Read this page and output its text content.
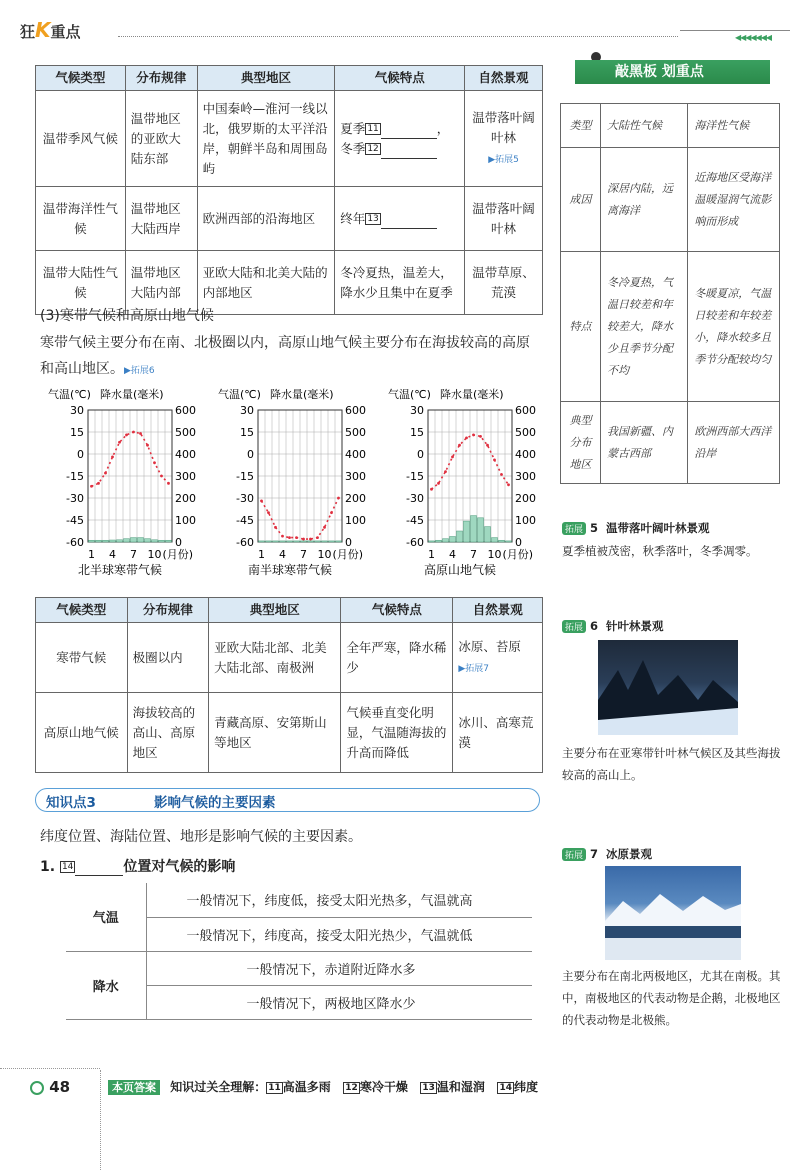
狂K重点	◀◀◀◀◀◀◀
气候类型	分布规律	典型地区	气候特点	自然景观
温带季风气候	温带地区的亚欧大陆东部	中国秦岭—淮河一线以北，俄罗斯的太平洋沿岸，朝鲜半岛和周围岛屿	夏季 11 ，冬季 12	温带落叶阔叶林
▶拓展5

温带海洋性气候	温带地区大陆西岸	欧洲西部的沿海地区	终年 13	温带落叶阔叶林
温带大陆性气候	温带地区大陆内部	亚欧大陆和北美大陆的内部地区	冬冷夏热，温差大，降水少且集中在夏季	温带草原、荒漠
(3)寒带气候和高原山地气候
寒带气候主要分布在南、北极圈以内，高原山地气候主要分布在海拔较高的高原和高山地区。▶拓展6
气温(℃) 降水量(毫米)
30
15
0
-15
-30
-45
-60
600
500
400
300
200
100
0
1 4 7 10 (月份)
北半球寒带气候
气温(℃) 降水量(毫米)
30
15
0
-15
-30
-45
-60
600
500
400
300
200
100
0
1 4 7 10 (月份)
南半球寒带气候
气温(℃) 降水量(毫米)
30
15
0
-15
-30
-45
-60
600
500
400
300
200
100
0
1 4 7 10 (月份)
高原山地气候
气候类型	分布规律	典型地区	气候特点	自然景观
寒带气候	极圈以内	亚欧大陆北部、北美大陆北部、南极洲	全年严寒，降水稀少	冰原、苔原
▶拓展7

高原山地气候	海拔较高的高山、高原地区	青藏高原、安第斯山等地区	气候垂直变化明显，气温随海拔的升高而降低	冰川、高寒荒漠
知识点3	影响气候的主要因素
纬度位置、海陆位置、地形是影响气候的主要因素。
1. 14	位置对气候的影响
气温	一般情况下，纬度低，接受太阳光热多，气温就高
	一般情况下，纬度高，接受太阳光热少，气温就低
降水	一般情况下，赤道附近降水多
	一般情况下，两极地区降水少
敲黑板 划重点
类型	大陆性气候	海洋性气候
成因	深居内陆，远离海洋	近海地区受海洋温暖湿润气流影响而形成
特点	冬冷夏热，气温日较差和年较差大，降水少且季节分配不均	冬暖夏凉，气温日较差和年较差小，降水较多且季节分配较均匀
典型分布地区	我国新疆、内蒙古西部	欧洲西部大西洋沿岸
拓展 5 温带落叶阔叶林景观
夏季植被茂密，秋季落叶，冬季凋零。
拓展 6 针叶林景观
主要分布在亚寒带针叶林气候区及其些海拔较高的高山上。
拓展 7 冰原景观
主要分布在南北两极地区，尤其在南极。其中，南极地区的代表动物是企鹅，北极地区的代表动物是北极熊。
48	本页答案 知识过关全理解： 11 高温多雨 12 寒冷干燥 13 温和湿润 14 纬度
